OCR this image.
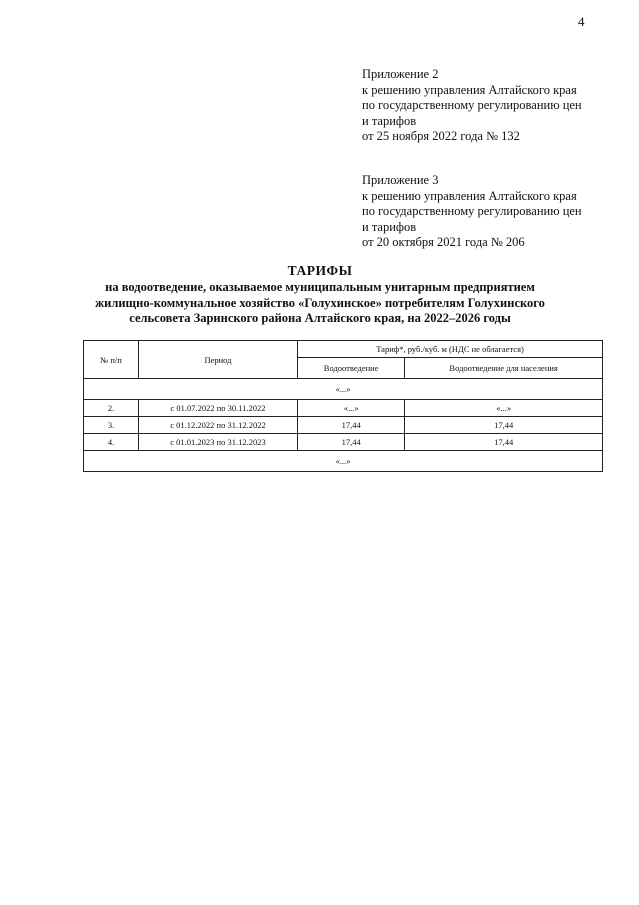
4
Приложение 2
к решению управления Алтайского края
по государственному регулированию цен
и тарифов
от 25 ноября 2022 года № 132
Приложение 3
к решению управления Алтайского края
по государственному регулированию цен
и тарифов
от 20 октября 2021 года № 206
ТАРИФЫ
на водоотведение, оказываемое муниципальным унитарным предприятием
жилищно-коммунальное хозяйство «Голухинское» потребителям Голухинского
сельсовета Заринского района Алтайского края, на 2022–2026 годы
№ п/п	Период	Тариф*, руб./куб. м (НДС не облагается)	
		Водоотведение	Водоотведение для населения
«...»			
2.	с 01.07.2022 по 30.11.2022	«...»	«...»
3.	с 01.12.2022 по 31.12.2022	17,44	17,44
4.	с 01.01.2023 по 31.12.2023	17,44	17,44
«...»			
